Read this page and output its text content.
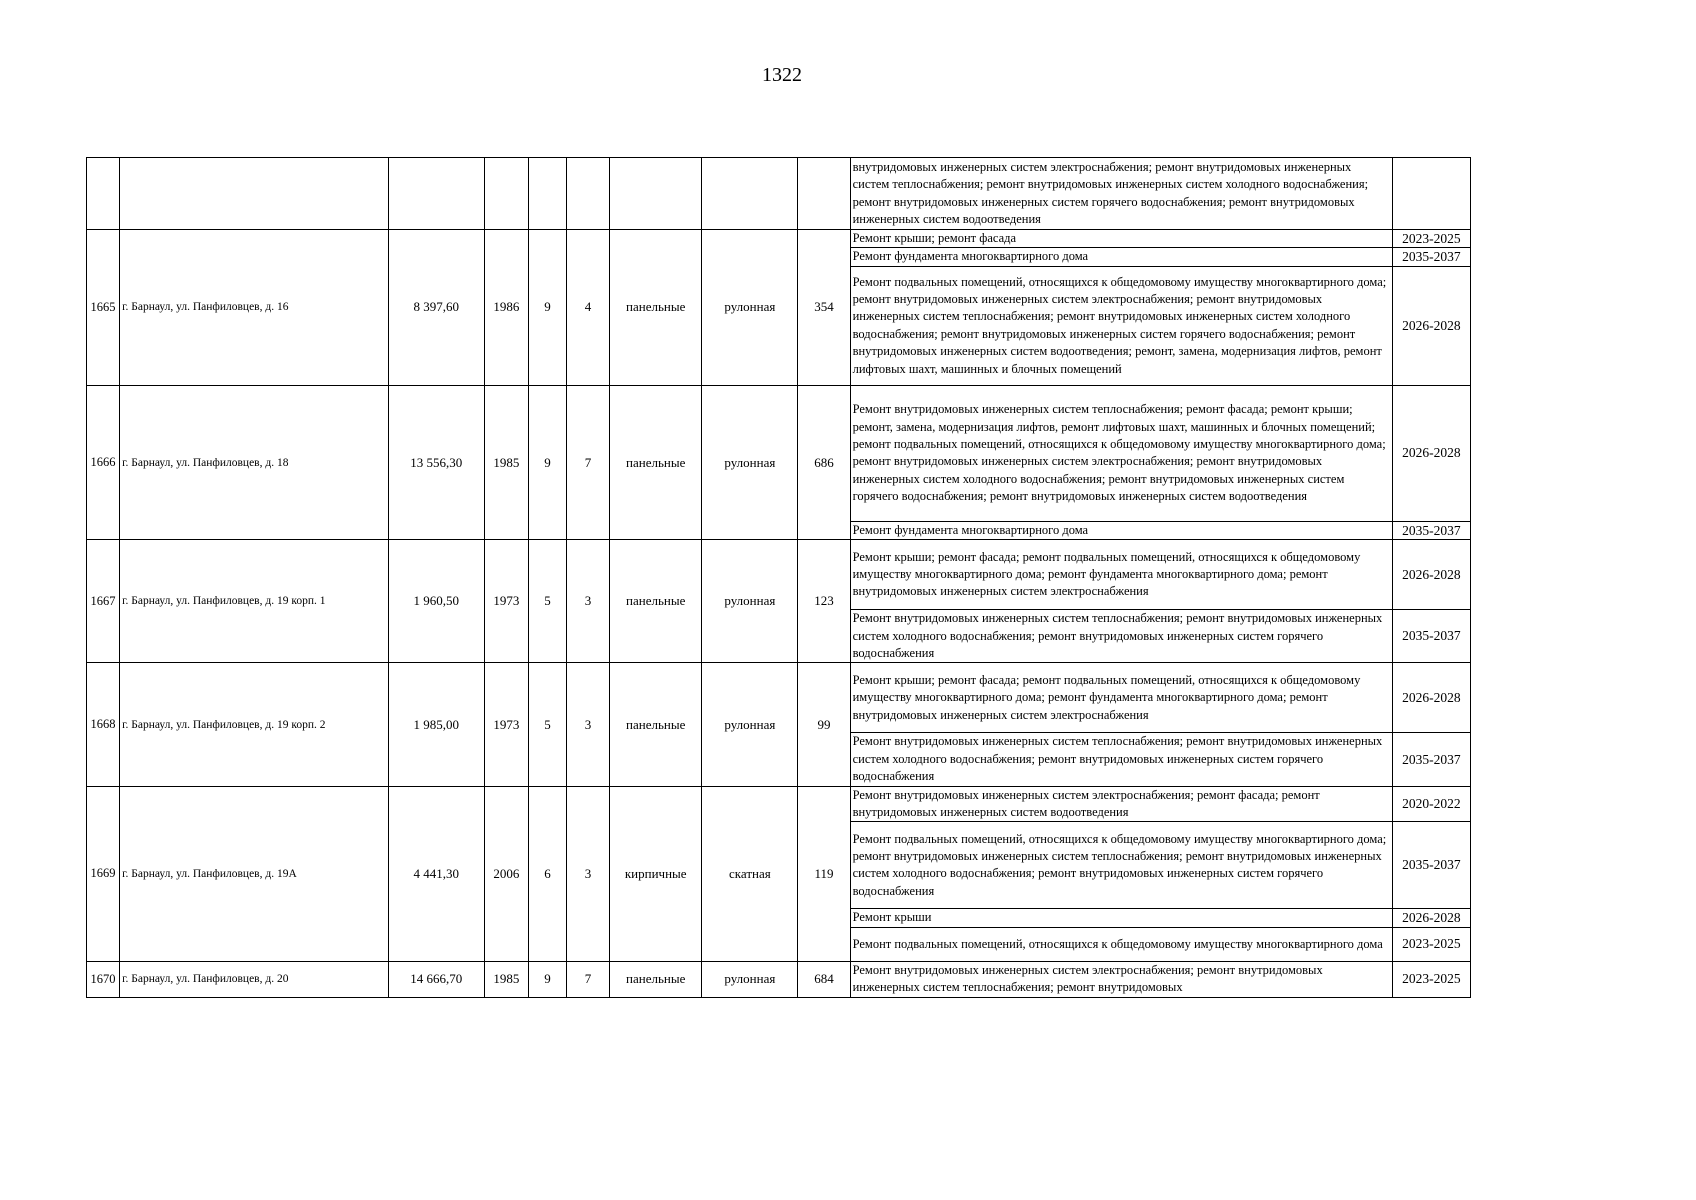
1322
									внутридомовых инженерных систем электроснабжения; ремонт внутридомовых инженерных систем теплоснабжения; ремонт внутридомовых инженерных систем холодного водоснабжения; ремонт внутридомовых инженерных систем горячего водоснабжения; ремонт внутридомовых инженерных систем водоотведения	
1665	г. Барнаул, ул. Панфиловцев, д. 16	8 397,60	1986	9	4	панельные	рулонная	354	Ремонт крыши; ремонт фасада	2023-2025
									Ремонт фундамента многоквартирного дома	2035-2037
									Ремонт подвальных помещений, относящихся к общедомовому имуществу многоквартирного дома; ремонт внутридомовых инженерных систем электроснабжения; ремонт внутридомовых инженерных систем теплоснабжения; ремонт внутридомовых инженерных систем холодного водоснабжения; ремонт внутридомовых инженерных систем горячего водоснабжения; ремонт внутридомовых инженерных систем водоотведения; ремонт, замена, модернизация лифтов, ремонт лифтовых шахт, машинных и блочных помещений	2026-2028
1666	г. Барнаул, ул. Панфиловцев, д. 18	13 556,30	1985	9	7	панельные	рулонная	686	Ремонт внутридомовых инженерных систем теплоснабжения; ремонт фасада; ремонт крыши; ремонт, замена, модернизация лифтов, ремонт лифтовых шахт, машинных и блочных помещений; ремонт подвальных помещений, относящихся к общедомовому имуществу многоквартирного дома; ремонт внутридомовых инженерных систем электроснабжения; ремонт внутридомовых инженерных систем холодного водоснабжения; ремонт внутридомовых инженерных систем горячего водоснабжения; ремонт внутридомовых инженерных систем водоотведения	2026-2028
									Ремонт фундамента многоквартирного дома	2035-2037
1667	г. Барнаул, ул. Панфиловцев, д. 19 корп. 1	1 960,50	1973	5	3	панельные	рулонная	123	Ремонт крыши; ремонт фасада; ремонт подвальных помещений, относящихся к общедомовому имуществу многоквартирного дома; ремонт фундамента многоквартирного дома; ремонт внутридомовых инженерных систем электроснабжения	2026-2028
									Ремонт внутридомовых инженерных систем теплоснабжения; ремонт внутридомовых инженерных систем холодного водоснабжения; ремонт внутридомовых инженерных систем горячего водоснабжения	2035-2037
1668	г. Барнаул, ул. Панфиловцев, д. 19 корп. 2	1 985,00	1973	5	3	панельные	рулонная	99	Ремонт крыши; ремонт фасада; ремонт подвальных помещений, относящихся к общедомовому имуществу многоквартирного дома; ремонт фундамента многоквартирного дома; ремонт внутридомовых инженерных систем электроснабжения	2026-2028
									Ремонт внутридомовых инженерных систем теплоснабжения; ремонт внутридомовых инженерных систем холодного водоснабжения; ремонт внутридомовых инженерных систем горячего водоснабжения	2035-2037
1669	г. Барнаул, ул. Панфиловцев, д. 19А	4 441,30	2006	6	3	кирпичные	скатная	119	Ремонт внутридомовых инженерных систем электроснабжения; ремонт фасада; ремонт внутридомовых инженерных систем водоотведения	2020-2022
									Ремонт подвальных помещений, относящихся к общедомовому имуществу многоквартирного дома; ремонт внутридомовых инженерных систем теплоснабжения; ремонт внутридомовых инженерных систем холодного водоснабжения; ремонт внутридомовых инженерных систем горячего водоснабжения	2035-2037
									Ремонт крыши	2026-2028
									Ремонт подвальных помещений, относящихся к общедомовому имуществу многоквартирного дома	2023-2025
1670	г. Барнаул, ул. Панфиловцев, д. 20	14 666,70	1985	9	7	панельные	рулонная	684	Ремонт внутридомовых инженерных систем электроснабжения; ремонт внутридомовых инженерных систем теплоснабжения; ремонт внутридомовых	2023-2025
